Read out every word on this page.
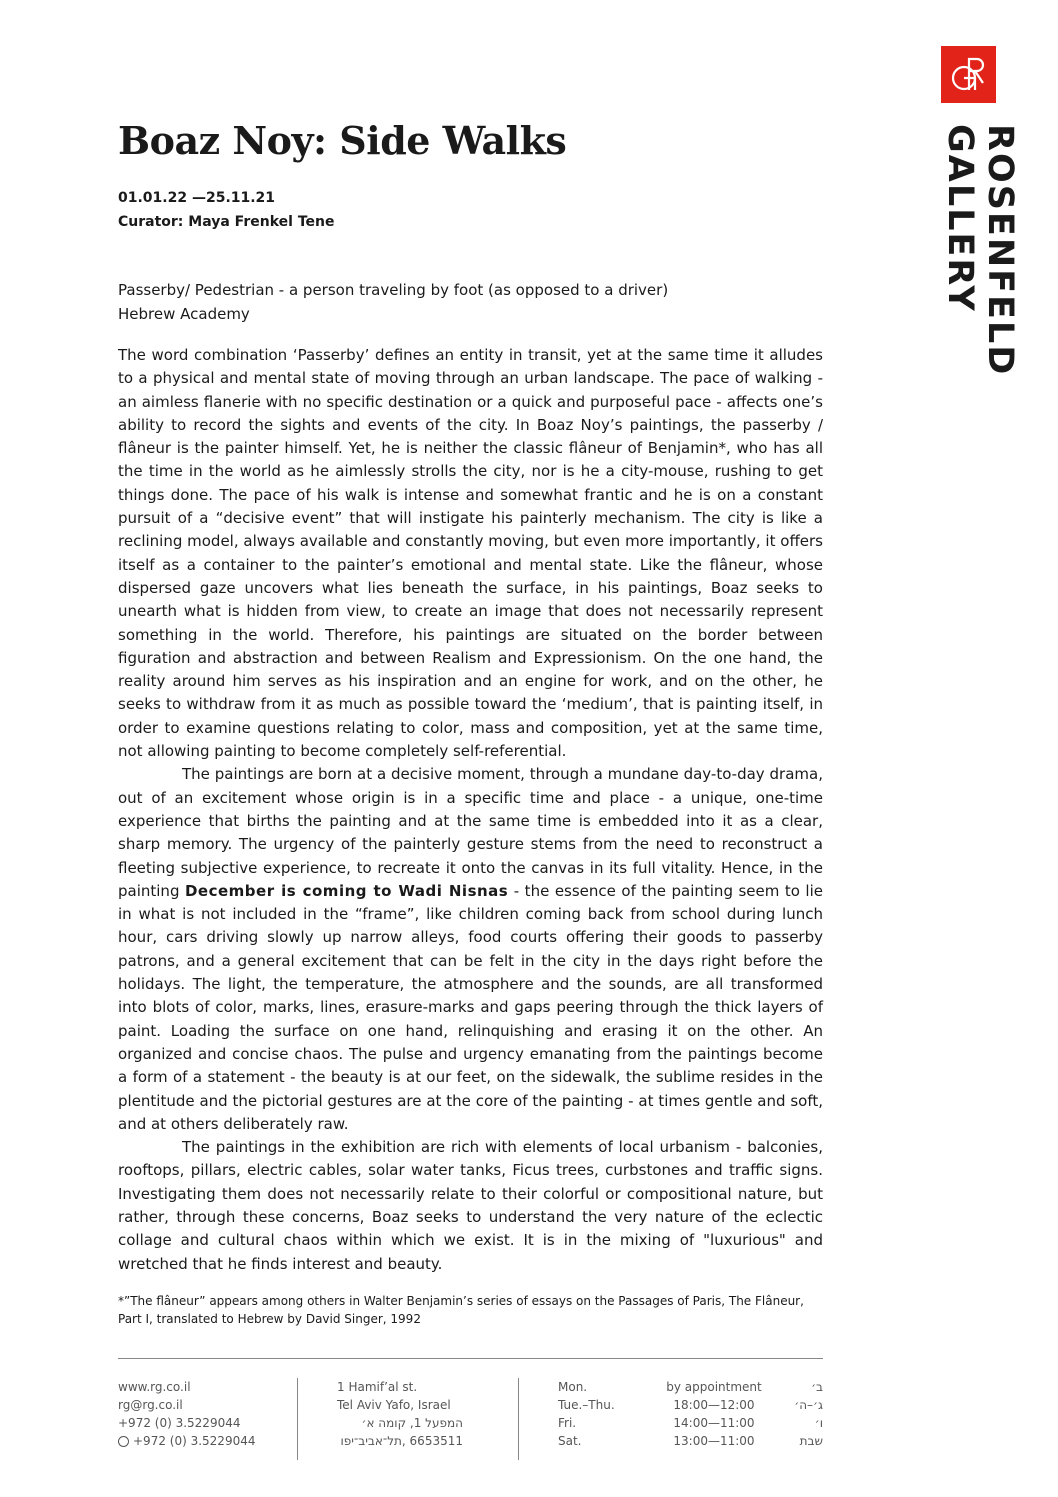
ROSENFELD
GALLERY
Boaz Noy: Side Walks
01.01.22 —25.11.21
Curator: Maya Frenkel Tene
Passerby/ Pedestrian - a person traveling by foot (as opposed to a driver)
Hebrew Academy

The word combination ‘Passerby’ defines an entity in transit, yet at the same time it alludes to a physical and mental state of moving through an urban landscape. The pace of walking - an aimless flanerie with no specific destination or a quick and purposeful pace - affects one’s ability to record the sights and events of the city. In Boaz Noy’s paintings, the passerby / flâneur is the painter himself. Yet, he is neither the classic flâneur of Benjamin*, who has all the time in the world as he aimlessly strolls the city, nor is he a city-mouse, rushing to get things done. The pace of his walk is intense and somewhat frantic and he is on a constant pursuit of a “decisive event” that will instigate his painterly mechanism. The city is like a reclining model, always available and constantly moving, but even more importantly, it offers itself as a container to the painter’s emotional and mental state. Like the flâneur, whose dispersed gaze uncovers what lies beneath the surface, in his paintings, Boaz seeks to unearth what is hidden from view, to create an image that does not necessarily represent something in the world. Therefore, his paintings are situated on the border between figuration and abstraction and between Realism and Expressionism. On the one hand, the reality around him serves as his inspiration and an engine for work, and on the other, he seeks to withdraw from it as much as possible toward the ‘medium’, that is painting itself, in order to examine questions relating to color, mass and composition, yet at the same time, not allowing painting to become completely self-referential.

The paintings are born at a decisive moment, through a mundane day-to-day drama, out of an excitement whose origin is in a specific time and place - a unique, one-time experience that births the painting and at the same time is embedded into it as a clear, sharp memory. The urgency of the painterly gesture stems from the need to reconstruct a fleeting subjective experience, to recreate it onto the canvas in its full vitality. Hence, in the painting December is coming to Wadi Nisnas - the essence of the painting seem to lie in what is not included in the “frame”, like children coming back from school during lunch hour, cars driving slowly up narrow alleys, food courts offering their goods to passerby patrons, and a general excitement that can be felt in the city in the days right before the holidays. The light, the temperature, the atmosphere and the sounds, are all transformed into blots of color, marks, lines, erasure-marks and gaps peering through the thick layers of paint. Loading the surface on one hand, relinquishing and erasing it on the other. An organized and concise chaos. The pulse and urgency emanating from the paintings become a form of a statement - the beauty is at our feet, on the sidewalk, the sublime resides in the plentitude and the pictorial gestures are at the core of the painting - at times gentle and soft, and at others deliberately raw.

The paintings in the exhibition are rich with elements of local urbanism - balconies, rooftops, pillars, electric cables, solar water tanks, Ficus trees, curbstones and traffic signs. Investigating them does not necessarily relate to their colorful or compositional nature, but rather, through these concerns, Boaz seeks to understand the very nature of the eclectic collage and cultural chaos within which we exist. It is in the mixing of "luxurious" and wretched that he finds interest and beauty.

*”The flâneur” appears among others in Walter Benjamin’s series of essays on the Passages of Paris, The Flâneur, Part I, translated to Hebrew by David Singer, 1992
www.rg.co.il
rg@rg.co.il
+972 (0) 3.5229044
+972 (0) 3.5229044
1 Hamif’al st.
Tel Aviv Yafo, Israel
המפעל 1, קומה א׳
6653511 ,תל־אביב־יפו
Mon.	by appointment	ב׳
Tue.–Thu.	18:00—12:00	ג׳–ה׳
Fri.	14:00—11:00	ו׳
Sat.	13:00—11:00	שבת
